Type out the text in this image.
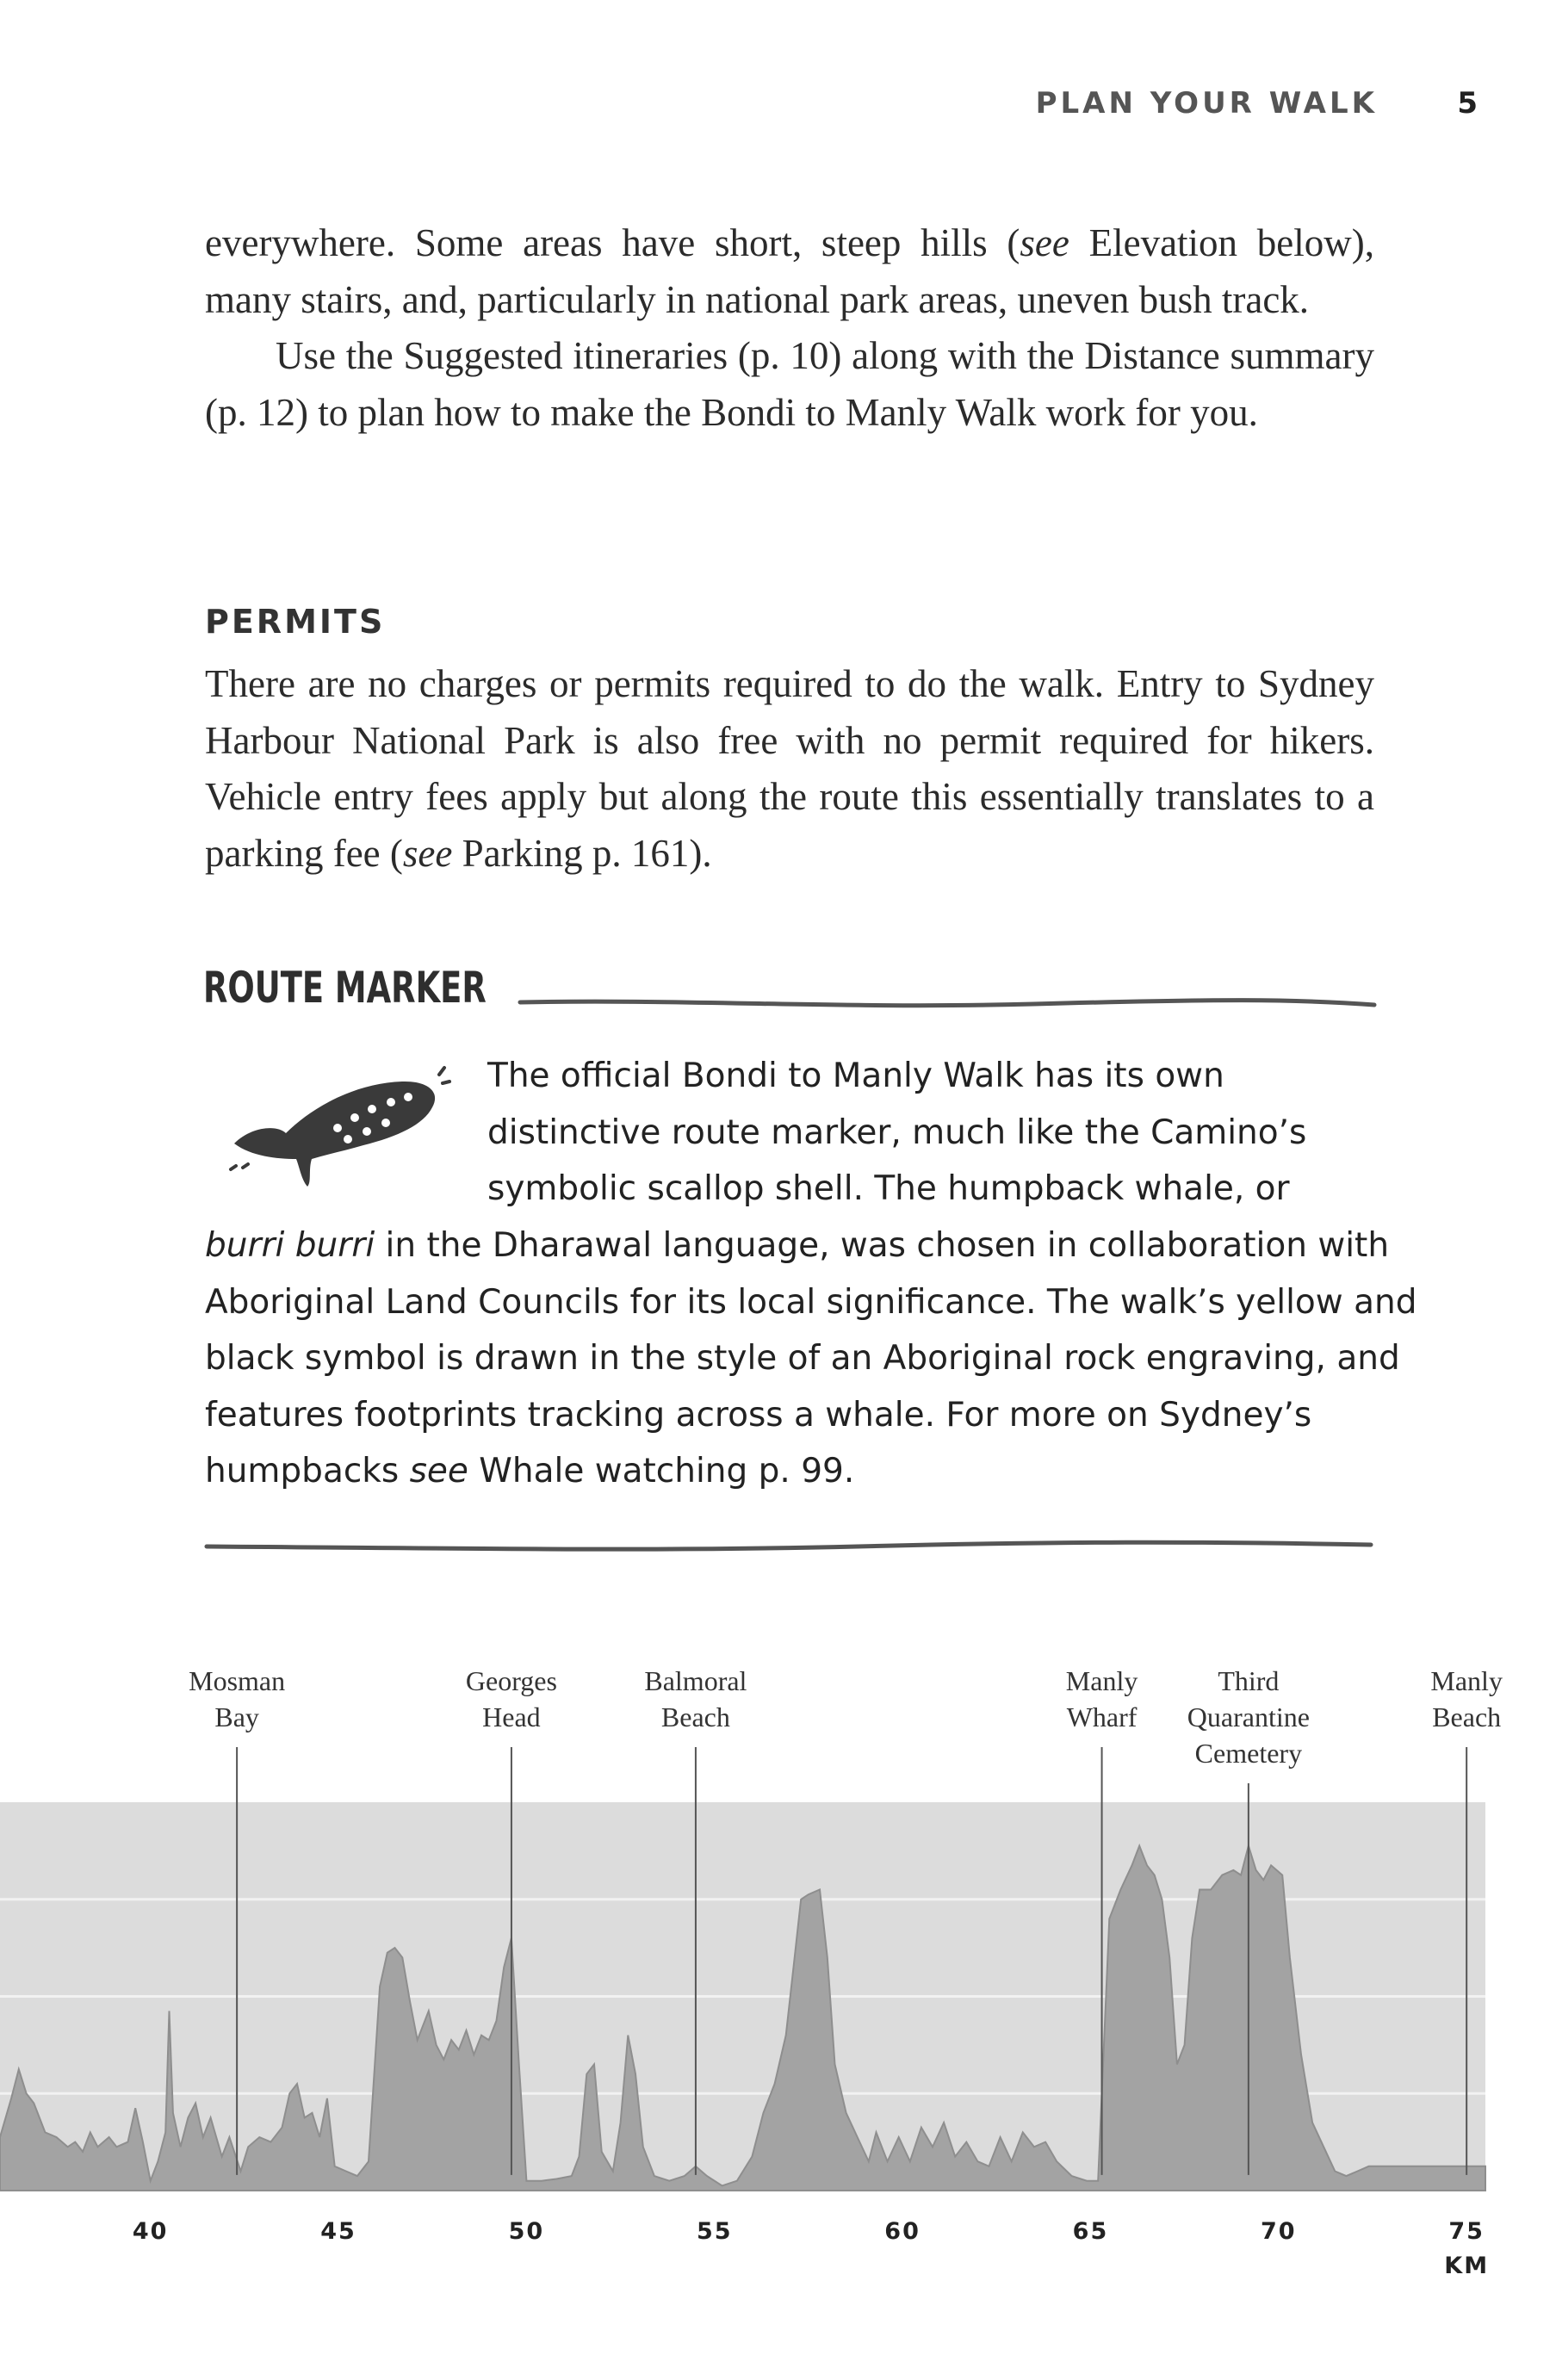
PLAN YOUR WALK	5

everywhere. Some areas have short, steep hills (see Elevation below), many stairs, and, particularly in national park areas, uneven bush track.

Use the Suggested itineraries (p. 10) along with the Distance summary (p. 12) to plan how to make the Bondi to Manly Walk work for you.

PERMITS

There are no charges or permits required to do the walk. Entry to Sydney Harbour National Park is also free with no permit required for hikers. Vehicle entry fees apply but along the route this essentially translates to a parking fee (see Parking p. 161).

ROUTE MARKER
The official Bondi to Manly Walk has its own
distinctive route marker, much like the Camino’s
symbolic scallop shell. The humpback whale, or
burri burri in the Dharawal language, was chosen in collaboration with Aboriginal Land Councils for its local significance. The walk’s yellow and black symbol is drawn in the style of an Aboriginal rock engraving, and features footprints tracking across a whale. For more on Sydney’s humpbacks see Whale watching p. 99.
Mosman
Bay
Georges
Head
Balmoral
Beach
Manly
Wharf
Third
Quarantine
Cemetery
Manly
Beach
40	45	50	55	60	65	70	75
KM
